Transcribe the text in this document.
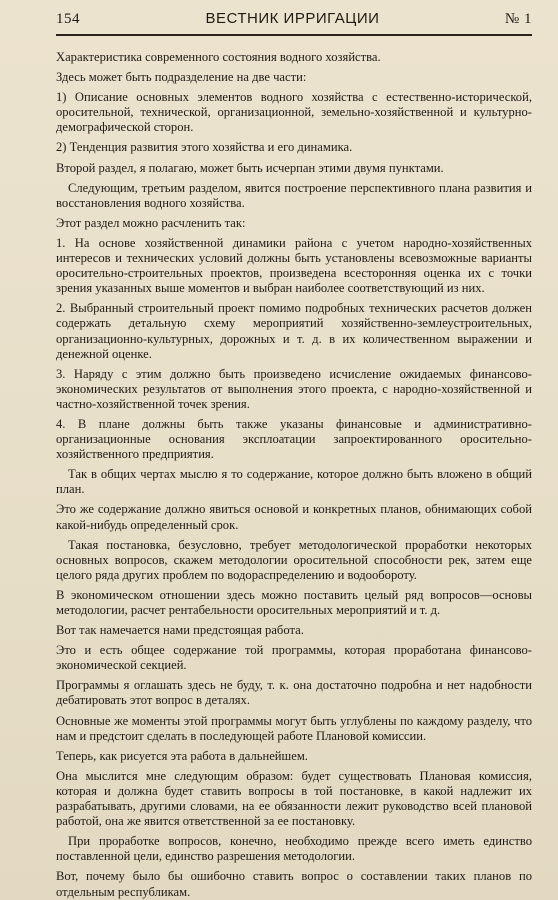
154	ВЕСТНИК ИРРИГАЦИИ	№ 1

Характеристика современного состояния водного хозяйства.

Здесь может быть подразделение на две части:

1) Описание основных элементов водного хозяйства с естественно-исторической, оросительной, технической, организационной, земельно-хозяйственной и культурно-демографической сторон.

2) Тенденция развития этого хозяйства и его динамика.

Второй раздел, я полагаю, может быть исчерпан этими двумя пунктами.

Следующим, третьим разделом, явится построение перспективного плана развития и восстановления водного хозяйства.

Этот раздел можно расчленить так:

1. На основе хозяйственной динамики района с учетом народно-хозяйственных интересов и технических условий должны быть установлены всевозможные варианты оросительно-строительных проектов, произведена всесторонняя оценка их с точки зрения указанных выше моментов и выбран наиболее соответствующий из них.

2. Выбранный строительный проект помимо подробных технических расчетов должен содержать детальную схему мероприятий хозяйственно-землеустроительных, организационно-культурных, дорожных и т. д. в их количественном выражении и денежной оценке.

3. Наряду с этим должно быть произведено исчисление ожидаемых финансово-экономических результатов от выполнения этого проекта, с народно-хозяйственной и частно-хозяйственной точек зрения.

4. В плане должны быть также указаны финансовые и административно-организационные основания эксплоатации запроектированного оросительно-хозяйственного предприятия.

Так в общих чертах мыслю я то содержание, которое должно быть вложено в общий план.

Это же содержание должно явиться основой и конкретных планов, обнимающих собой какой-нибудь определенный срок.

Такая постановка, безусловно, требует методологической проработки некоторых основных вопросов, скажем методологии оросительной способности рек, затем еще целого ряда других проблем по водораспределению и водообороту.

В экономическом отношении здесь можно поставить целый ряд вопросов—основы методологии, расчет рентабельности оросительных мероприятий и т. д.

Вот так намечается нами предстоящая работа.

Это и есть общее содержание той программы, которая проработана финансово-экономической секцией.

Программы я оглашать здесь не буду, т. к. она достаточно подробна и нет надобности дебатировать этот вопрос в деталях.

Основные же моменты этой программы могут быть углублены по каждому разделу, что нам и предстоит сделать в последующей работе Плановой комиссии.

Теперь, как рисуется эта работа в дальнейшем.

Она мыслится мне следующим образом: будет существовать Плановая комиссия, которая и должна будет ставить вопросы в той постановке, в какой надлежит их разрабатывать, другими словами, на ее обязанности лежит руководство всей плановой работой, она же явится ответственной за ее постановку.

При проработке вопросов, конечно, необходимо прежде всего иметь единство поставленной цели, единство разрешения методологии.

Вот, почему было бы ошибочно ставить вопрос о составлении таких планов по отдельным республикам.
